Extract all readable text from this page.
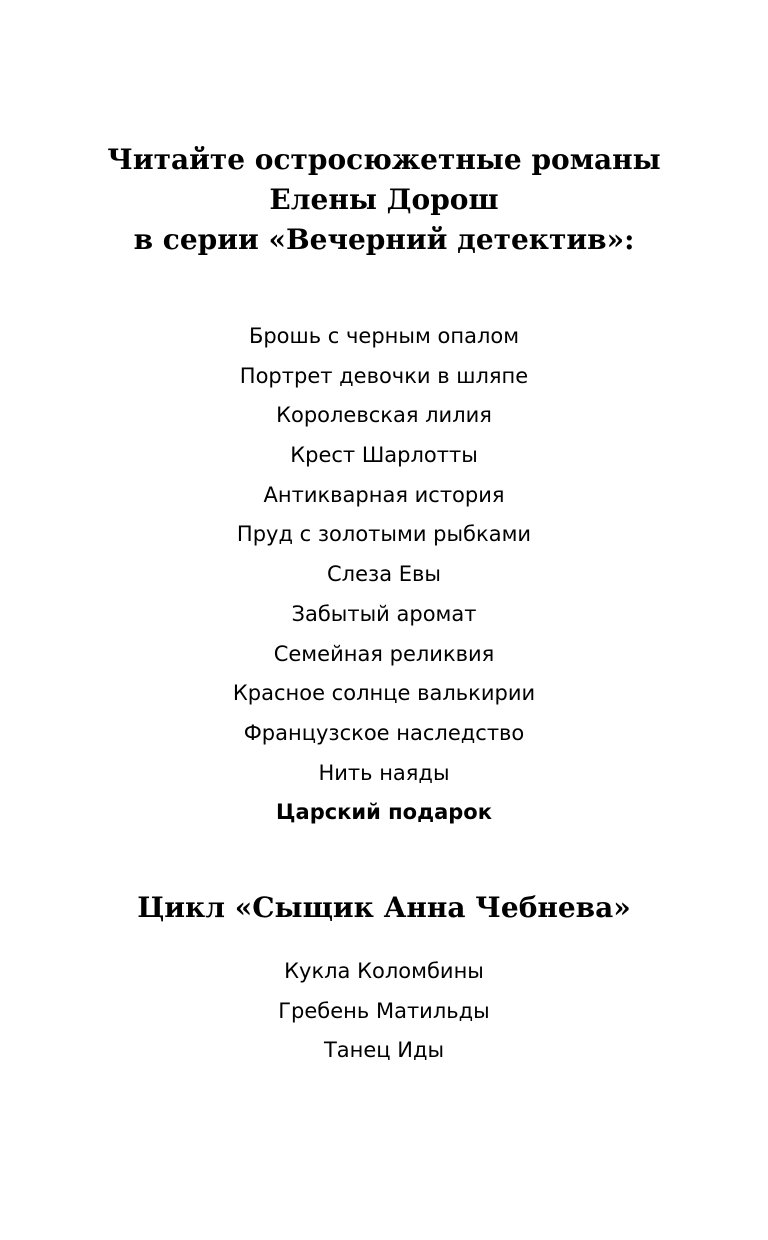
Читайте остросюжетные романы
Елены Дорош
в серии «Вечерний детектив»:
Брошь с черным опалом
Портрет девочки в шляпе
Королевская лилия
Крест Шарлотты
Антикварная история
Пруд с золотыми рыбками
Слеза Евы
Забытый аромат
Семейная реликвия
Красное солнце валькирии
Французское наследство
Нить наяды
Царский подарок
Цикл «Сыщик Анна Чебнева»
Кукла Коломбины
Гребень Матильды
Танец Иды
